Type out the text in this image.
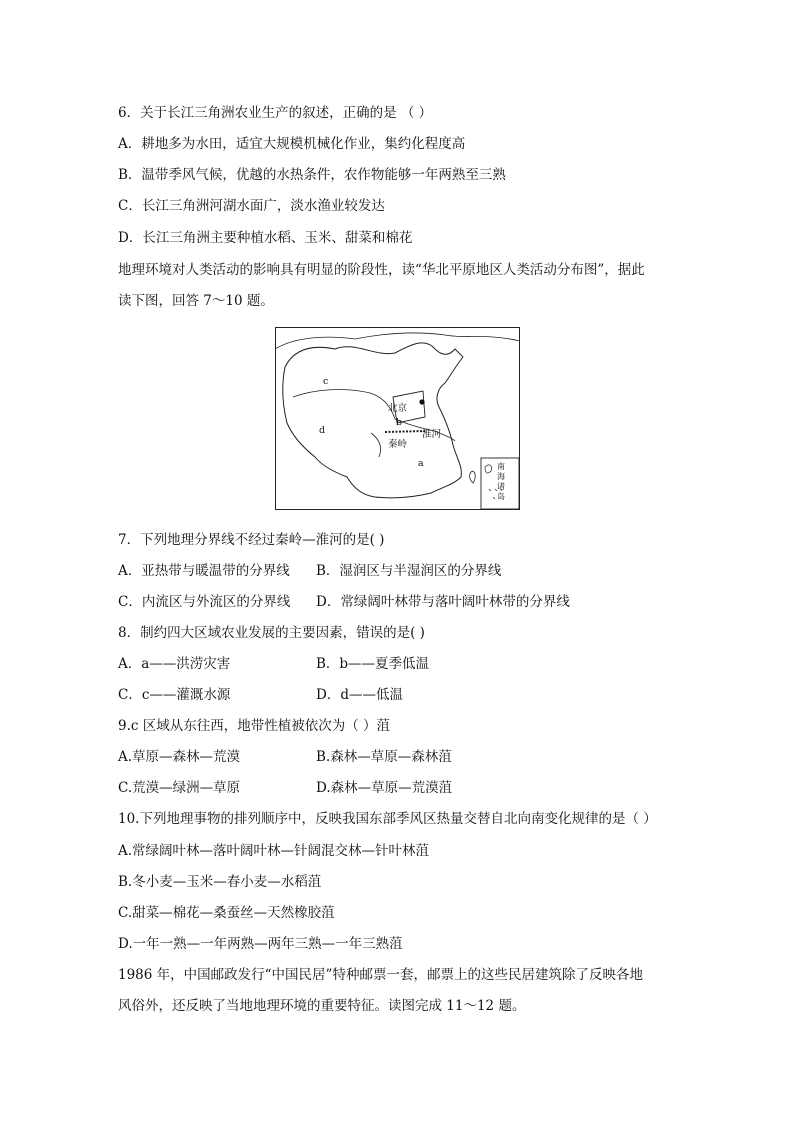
6．关于长江三角洲农业生产的叙述，正确的是 （ ）
A．耕地多为水田，适宜大规模机械化作业，集约化程度高
B．温带季风气候，优越的水热条件，农作物能够一年两熟至三熟
C．长江三角洲河湖水面广，淡水渔业较发达
D．长江三角洲主要种植水稻、玉米、甜菜和棉花
地理环境对人类活动的影响具有明显的阶段性，读“华北平原地区人类活动分布图”，据此
读下图，回答 7～10 题。
c
d
b
a
北京
淮河
秦岭
南
海
诸
岛
7．下列地理分界线不经过秦岭—淮河的是( )
A．亚热带与暖温带的分界线 B．湿润区与半湿润区的分界线
C．内流区与外流区的分界线 D．常绿阔叶林带与落叶阔叶林带的分界线
8．制约四大区域农业发展的主要因素，错误的是( )
A．a——洪涝灾害	B．b——夏季低温
C．c——灌溉水源	D．d——低温
9.c 区域从东往西，地带性植被依次为（ ）菹
A.草原—森林—荒漠	B.森林—草原—森林菹
C.荒漠—绿洲—草原	D.森林—草原—荒漠菹
10.下列地理事物的排列顺序中，反映我国东部季风区热量交替自北向南变化规律的是（ ）
A.常绿阔叶林—落叶阔叶林—针阔混交林—针叶林菹
B.冬小麦—玉米—春小麦—水稻菹
C.甜菜—棉花—桑蚕丝—天然橡胶菹
D.一年一熟—一年两熟—两年三熟—一年三熟菹
1986 年，中国邮政发行“中国民居”特种邮票一套，邮票上的这些民居建筑除了反映各地
风俗外，还反映了当地地理环境的重要特征。读图完成 11～12 题。
